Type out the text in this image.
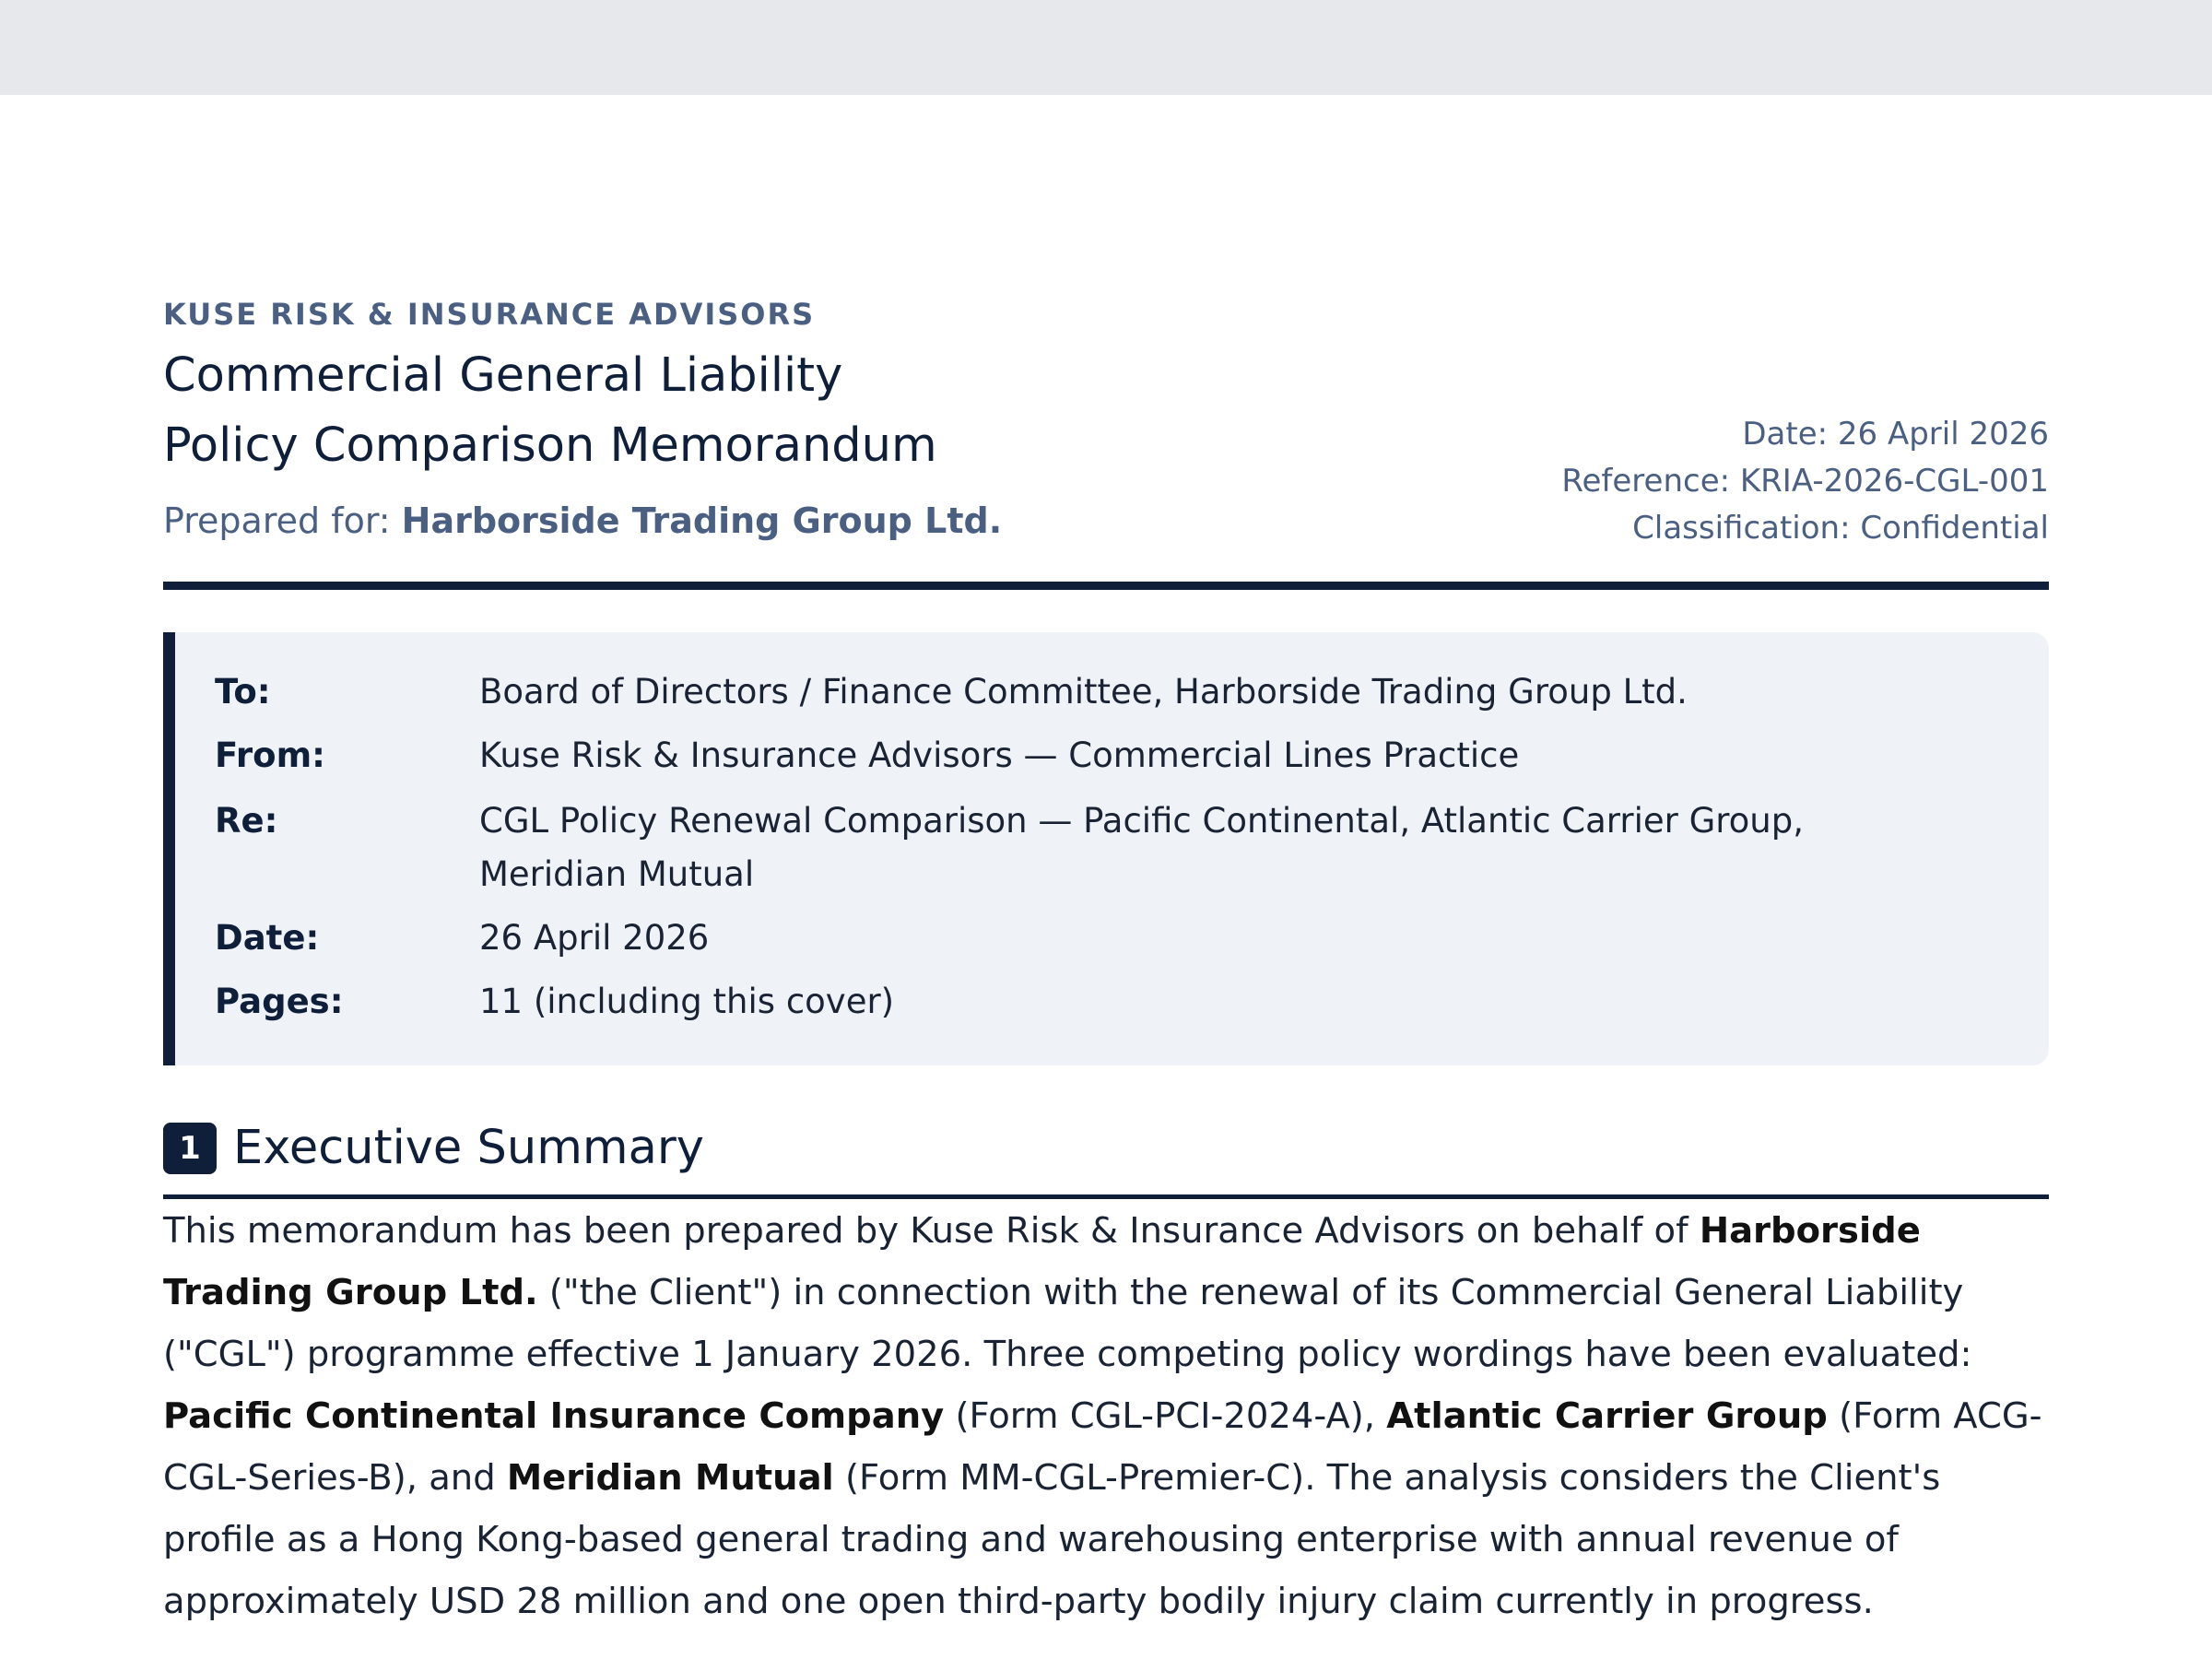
KUSE RISK & INSURANCE ADVISORS
Commercial General Liability
Policy Comparison Memorandum
Prepared for: Harborside Trading Group Ltd.
Date: 26 April 2026
Reference: KRIA-2026-CGL-001
Classification: Confidential
To:	Board of Directors / Finance Committee, Harborside Trading Group Ltd.
From:	Kuse Risk & Insurance Advisors — Commercial Lines Practice
Re:	CGL Policy Renewal Comparison — Pacific Continental, Atlantic Carrier Group,
Meridian Mutual
Date:	26 April 2026
Pages:	11 (including this cover)
1 Executive Summary
This memorandum has been prepared by Kuse Risk & Insurance Advisors on behalf of Harborside Trading Group Ltd. ("the Client") in connection with the renewal of its Commercial General Liability ("CGL") programme effective 1 January 2026. Three competing policy wordings have been evaluated: Pacific Continental Insurance Company (Form CGL-PCI-2024-A), Atlantic Carrier Group (Form ACG-CGL-Series-B), and Meridian Mutual (Form MM-CGL-Premier-C). The analysis considers the Client's profile as a Hong Kong-based general trading and warehousing enterprise with annual revenue of approximately USD 28 million and one open third-party bodily injury claim currently in progress.
